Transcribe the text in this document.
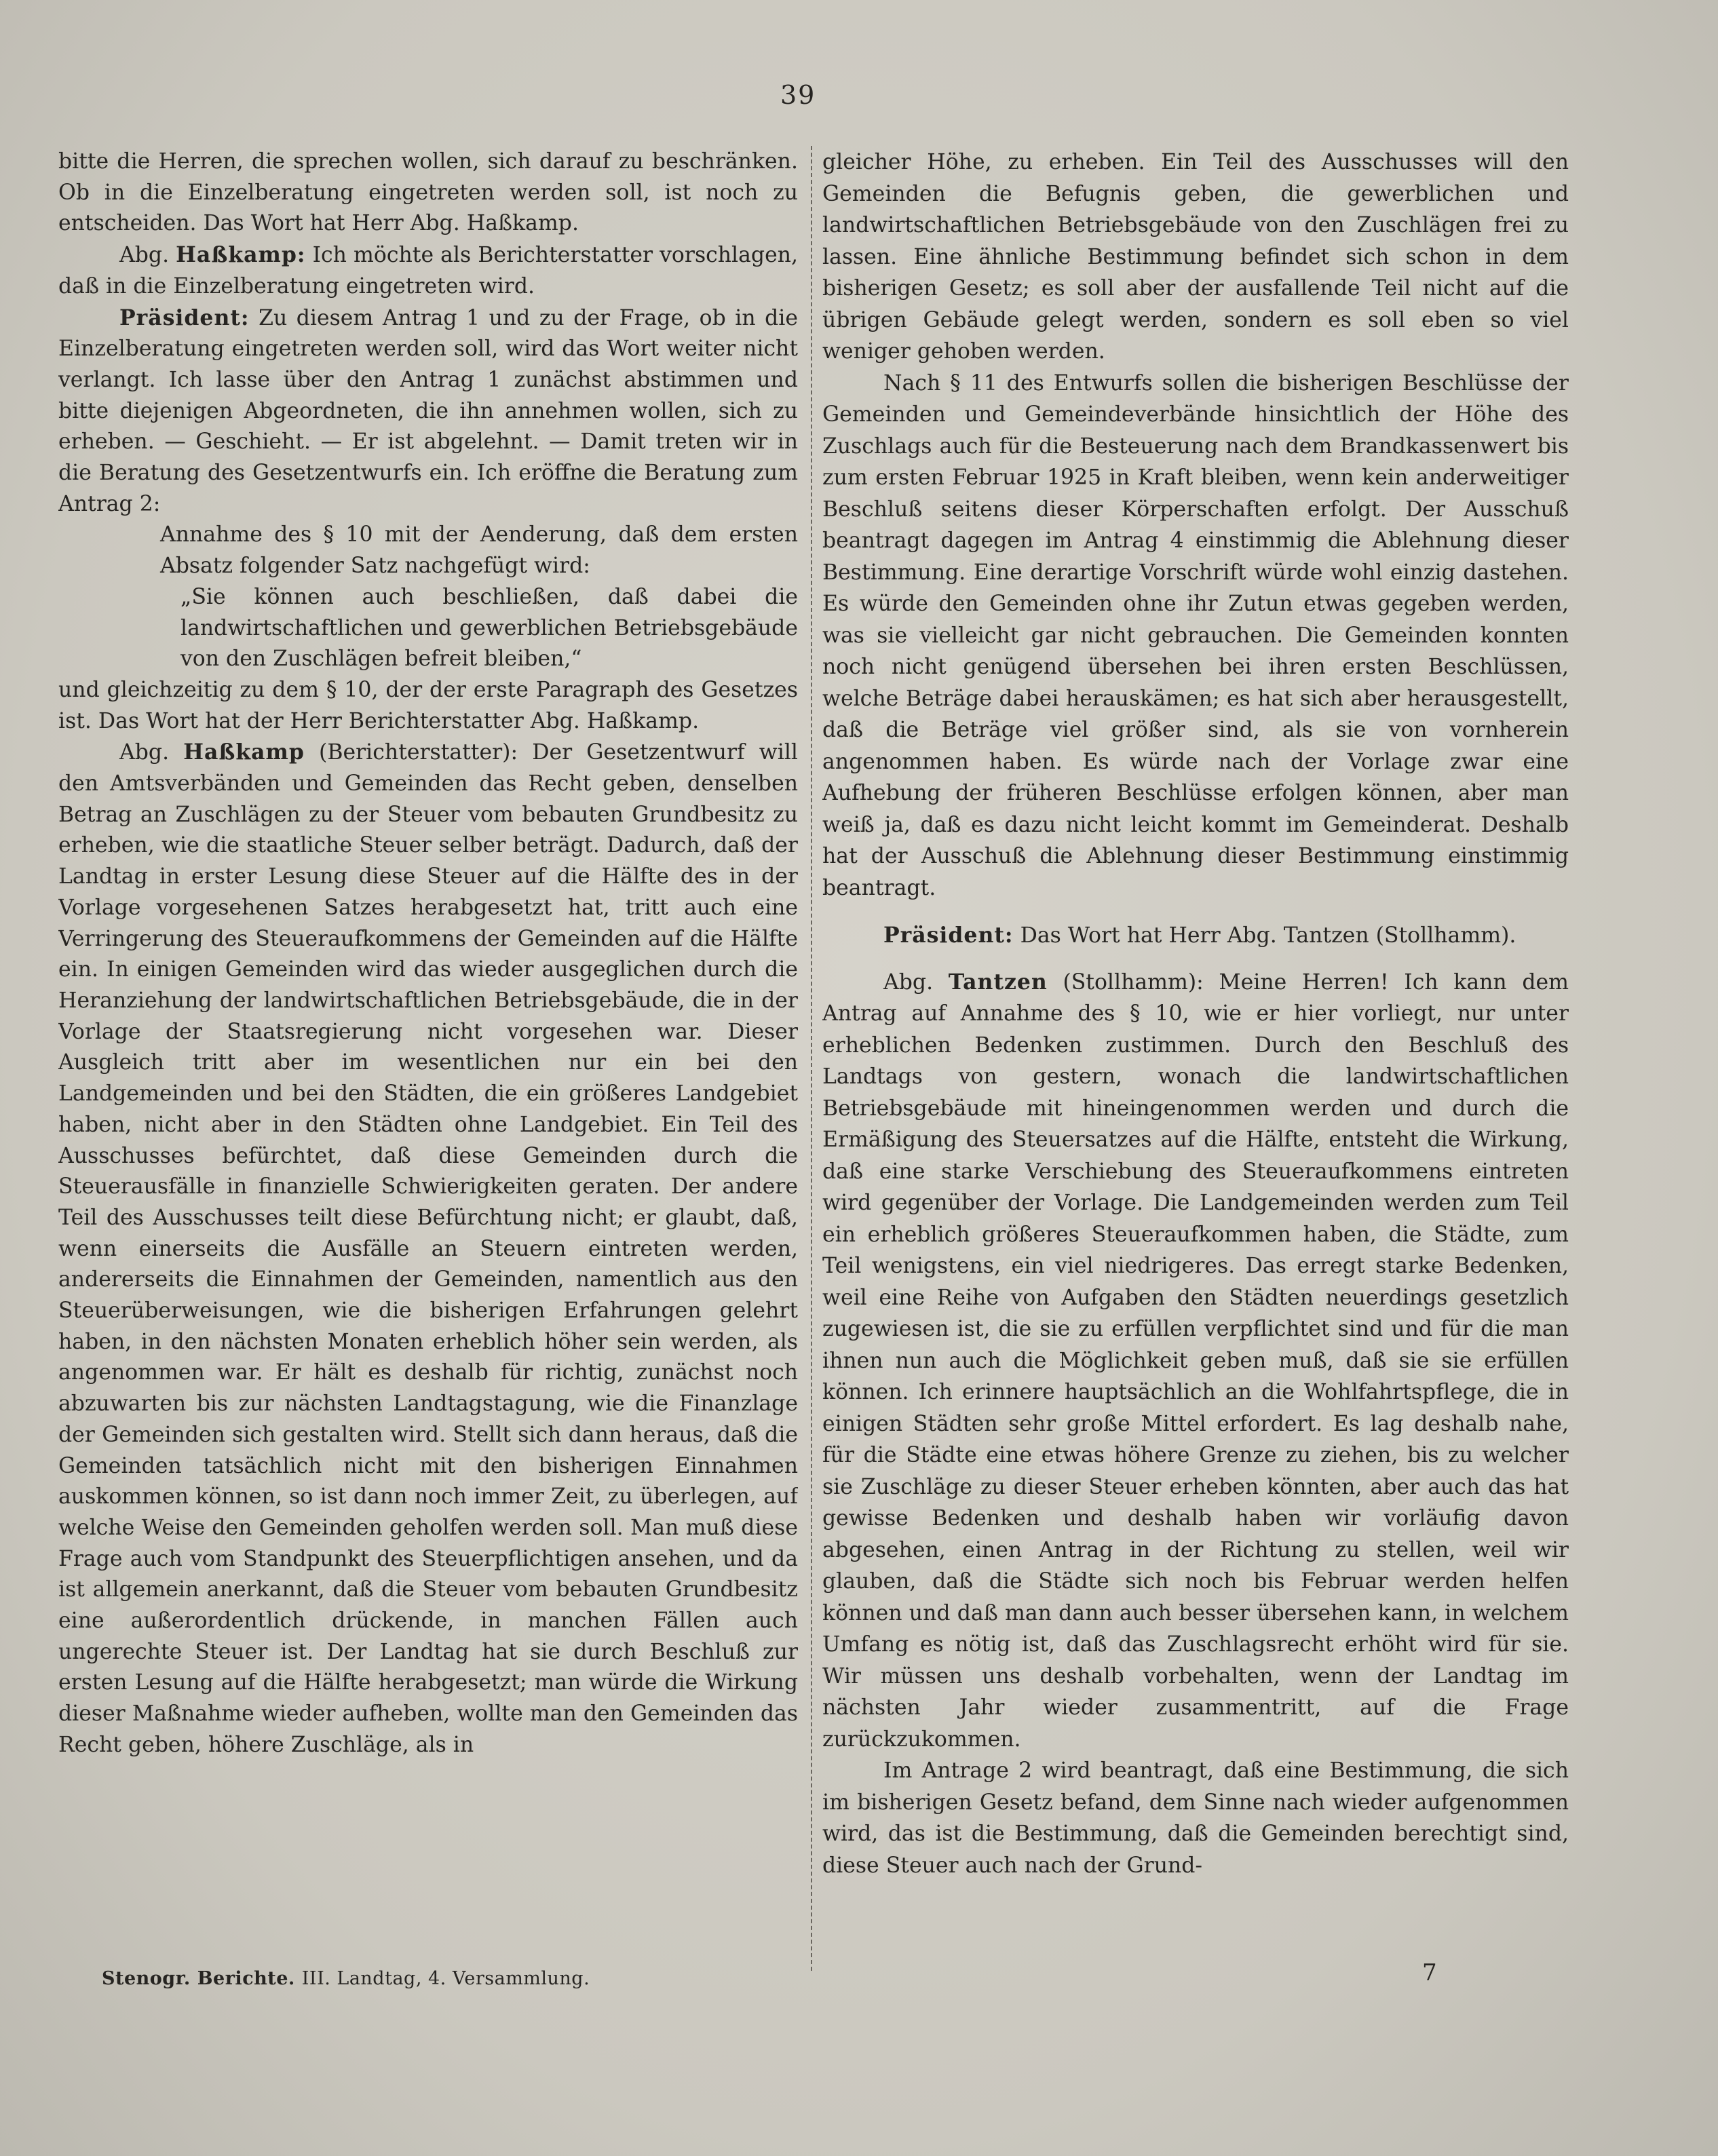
39

bitte die Herren, die sprechen wollen, sich darauf zu beschränken. Ob in die Einzelberatung eingetreten werden soll, ist noch zu entscheiden. Das Wort hat Herr Abg. Haßkamp.

Abg. Haßkamp: Ich möchte als Berichterstatter vorschlagen, daß in die Einzelberatung eingetreten wird.

Präsident: Zu diesem Antrag 1 und zu der Frage, ob in die Einzelberatung eingetreten werden soll, wird das Wort weiter nicht verlangt. Ich lasse über den Antrag 1 zunächst abstimmen und bitte diejenigen Abgeordneten, die ihn annehmen wollen, sich zu erheben. — Geschieht. — Er ist abgelehnt. — Damit treten wir in die Beratung des Gesetzentwurfs ein. Ich eröffne die Beratung zum Antrag 2:

Annahme des § 10 mit der Aenderung, daß dem ersten Absatz folgender Satz nachgefügt wird:

„Sie können auch beschließen, daß dabei die landwirtschaftlichen und gewerblichen Betriebsgebäude von den Zuschlägen befreit bleiben,“

und gleichzeitig zu dem § 10, der der erste Paragraph des Gesetzes ist. Das Wort hat der Herr Berichterstatter Abg. Haßkamp.

Abg. Haßkamp (Berichterstatter): Der Gesetzentwurf will den Amtsverbänden und Gemeinden das Recht geben, denselben Betrag an Zuschlägen zu der Steuer vom bebauten Grundbesitz zu erheben, wie die staatliche Steuer selber beträgt. Dadurch, daß der Landtag in erster Lesung diese Steuer auf die Hälfte des in der Vorlage vorgesehenen Satzes herabgesetzt hat, tritt auch eine Verringerung des Steueraufkommens der Gemeinden auf die Hälfte ein. In einigen Gemeinden wird das wieder ausgeglichen durch die Heranziehung der landwirtschaftlichen Betriebsgebäude, die in der Vorlage der Staatsregierung nicht vorgesehen war. Dieser Ausgleich tritt aber im wesentlichen nur ein bei den Landgemeinden und bei den Städten, die ein größeres Landgebiet haben, nicht aber in den Städten ohne Landgebiet. Ein Teil des Ausschusses befürchtet, daß diese Gemeinden durch die Steuerausfälle in finanzielle Schwierigkeiten geraten. Der andere Teil des Ausschusses teilt diese Befürchtung nicht; er glaubt, daß, wenn einerseits die Ausfälle an Steuern eintreten werden, andererseits die Einnahmen der Gemeinden, namentlich aus den Steuerüberweisungen, wie die bisherigen Erfahrungen gelehrt haben, in den nächsten Monaten erheblich höher sein werden, als angenommen war. Er hält es deshalb für richtig, zunächst noch abzuwarten bis zur nächsten Landtagstagung, wie die Finanzlage der Gemeinden sich gestalten wird. Stellt sich dann heraus, daß die Gemeinden tatsächlich nicht mit den bisherigen Einnahmen auskommen können, so ist dann noch immer Zeit, zu überlegen, auf welche Weise den Gemeinden geholfen werden soll. Man muß diese Frage auch vom Standpunkt des Steuerpflichtigen ansehen, und da ist allgemein anerkannt, daß die Steuer vom bebauten Grundbesitz eine außerordentlich drückende, in manchen Fällen auch ungerechte Steuer ist. Der Landtag hat sie durch Beschluß zur ersten Lesung auf die Hälfte herabgesetzt; man würde die Wirkung dieser Maßnahme wieder aufheben, wollte man den Gemeinden das Recht geben, höhere Zuschläge, als in

gleicher Höhe, zu erheben. Ein Teil des Ausschusses will den Gemeinden die Befugnis geben, die gewerblichen und landwirtschaftlichen Betriebsgebäude von den Zuschlägen frei zu lassen. Eine ähnliche Bestimmung befindet sich schon in dem bisherigen Gesetz; es soll aber der ausfallende Teil nicht auf die übrigen Gebäude gelegt werden, sondern es soll eben so viel weniger gehoben werden.

Nach § 11 des Entwurfs sollen die bisherigen Beschlüsse der Gemeinden und Gemeindeverbände hinsichtlich der Höhe des Zuschlags auch für die Besteuerung nach dem Brandkassenwert bis zum ersten Februar 1925 in Kraft bleiben, wenn kein anderweitiger Beschluß seitens dieser Körperschaften erfolgt. Der Ausschuß beantragt dagegen im Antrag 4 einstimmig die Ablehnung dieser Bestimmung. Eine derartige Vorschrift würde wohl einzig dastehen. Es würde den Gemeinden ohne ihr Zutun etwas gegeben werden, was sie vielleicht gar nicht gebrauchen. Die Gemeinden konnten noch nicht genügend übersehen bei ihren ersten Beschlüssen, welche Beträge dabei herauskämen; es hat sich aber herausgestellt, daß die Beträge viel größer sind, als sie von vornherein angenommen haben. Es würde nach der Vorlage zwar eine Aufhebung der früheren Beschlüsse erfolgen können, aber man weiß ja, daß es dazu nicht leicht kommt im Gemeinderat. Deshalb hat der Ausschuß die Ablehnung dieser Bestimmung einstimmig beantragt.

Präsident: Das Wort hat Herr Abg. Tantzen (Stollhamm).

Abg. Tantzen (Stollhamm): Meine Herren! Ich kann dem Antrag auf Annahme des § 10, wie er hier vorliegt, nur unter erheblichen Bedenken zustimmen. Durch den Beschluß des Landtags von gestern, wonach die landwirtschaftlichen Betriebsgebäude mit hineingenommen werden und durch die Ermäßigung des Steuersatzes auf die Hälfte, entsteht die Wirkung, daß eine starke Verschiebung des Steueraufkommens eintreten wird gegenüber der Vorlage. Die Landgemeinden werden zum Teil ein erheblich größeres Steueraufkommen haben, die Städte, zum Teil wenigstens, ein viel niedrigeres. Das erregt starke Bedenken, weil eine Reihe von Aufgaben den Städten neuerdings gesetzlich zugewiesen ist, die sie zu erfüllen verpflichtet sind und für die man ihnen nun auch die Möglichkeit geben muß, daß sie sie erfüllen können. Ich erinnere hauptsächlich an die Wohlfahrtspflege, die in einigen Städten sehr große Mittel erfordert. Es lag deshalb nahe, für die Städte eine etwas höhere Grenze zu ziehen, bis zu welcher sie Zuschläge zu dieser Steuer erheben könnten, aber auch das hat gewisse Bedenken und deshalb haben wir vorläufig davon abgesehen, einen Antrag in der Richtung zu stellen, weil wir glauben, daß die Städte sich noch bis Februar werden helfen können und daß man dann auch besser übersehen kann, in welchem Umfang es nötig ist, daß das Zuschlagsrecht erhöht wird für sie. Wir müssen uns deshalb vorbehalten, wenn der Landtag im nächsten Jahr wieder zusammentritt, auf die Frage zurückzukommen.

Im Antrage 2 wird beantragt, daß eine Bestimmung, die sich im bisherigen Gesetz befand, dem Sinne nach wieder aufgenommen wird, das ist die Bestimmung, daß die Gemeinden berechtigt sind, diese Steuer auch nach der Grund-

Stenogr. Berichte. III. Landtag, 4. Versammlung.	7
